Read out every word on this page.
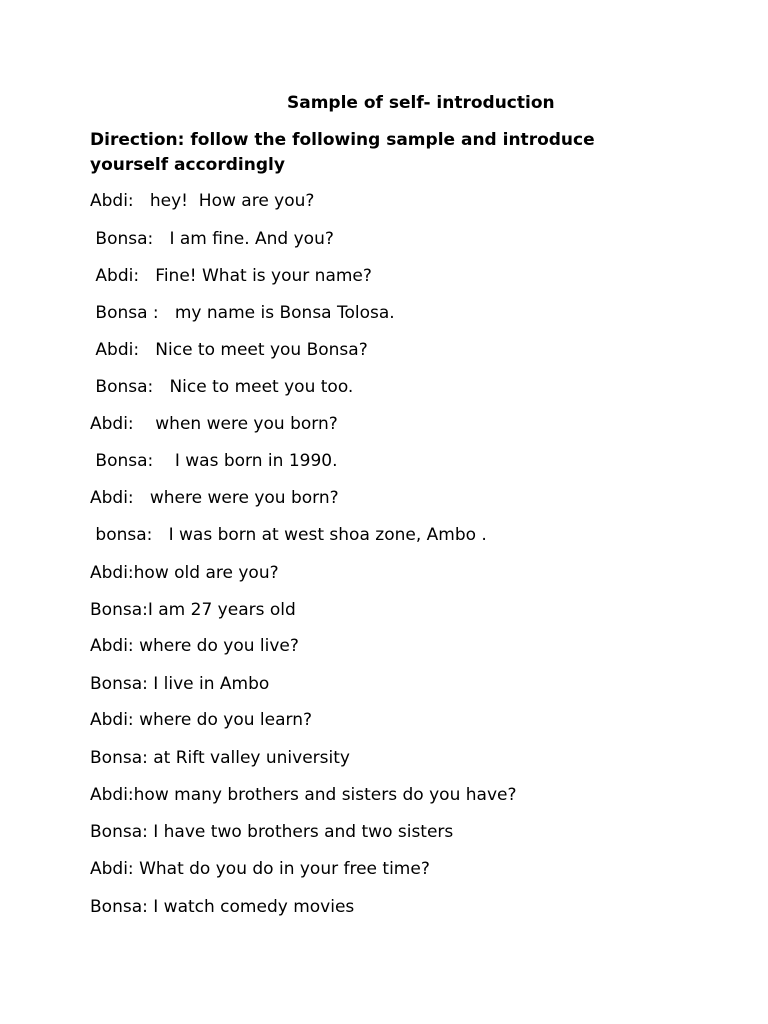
Sample of self- introduction
Direction: follow the following sample and introduce yourself accordingly
Abdi:   hey!  How are you?
Bonsa:   I am fine. And you?
Abdi:   Fine! What is your name?
Bonsa :   my name is Bonsa Tolosa.
Abdi:   Nice to meet you Bonsa?
Bonsa:   Nice to meet you too.
Abdi:    when were you born?
Bonsa:    I was born in 1990.
Abdi:   where were you born?
bonsa:   I was born at west shoa zone, Ambo .
Abdi:how old are you?
Bonsa:I am 27 years old
Abdi: where do you live?
Bonsa: I live in Ambo
Abdi: where do you learn?
Bonsa: at Rift valley university
Abdi:how many brothers and sisters do you have?
Bonsa: I have two brothers and two sisters
Abdi: What do you do in your free time?
Bonsa: I watch comedy movies
